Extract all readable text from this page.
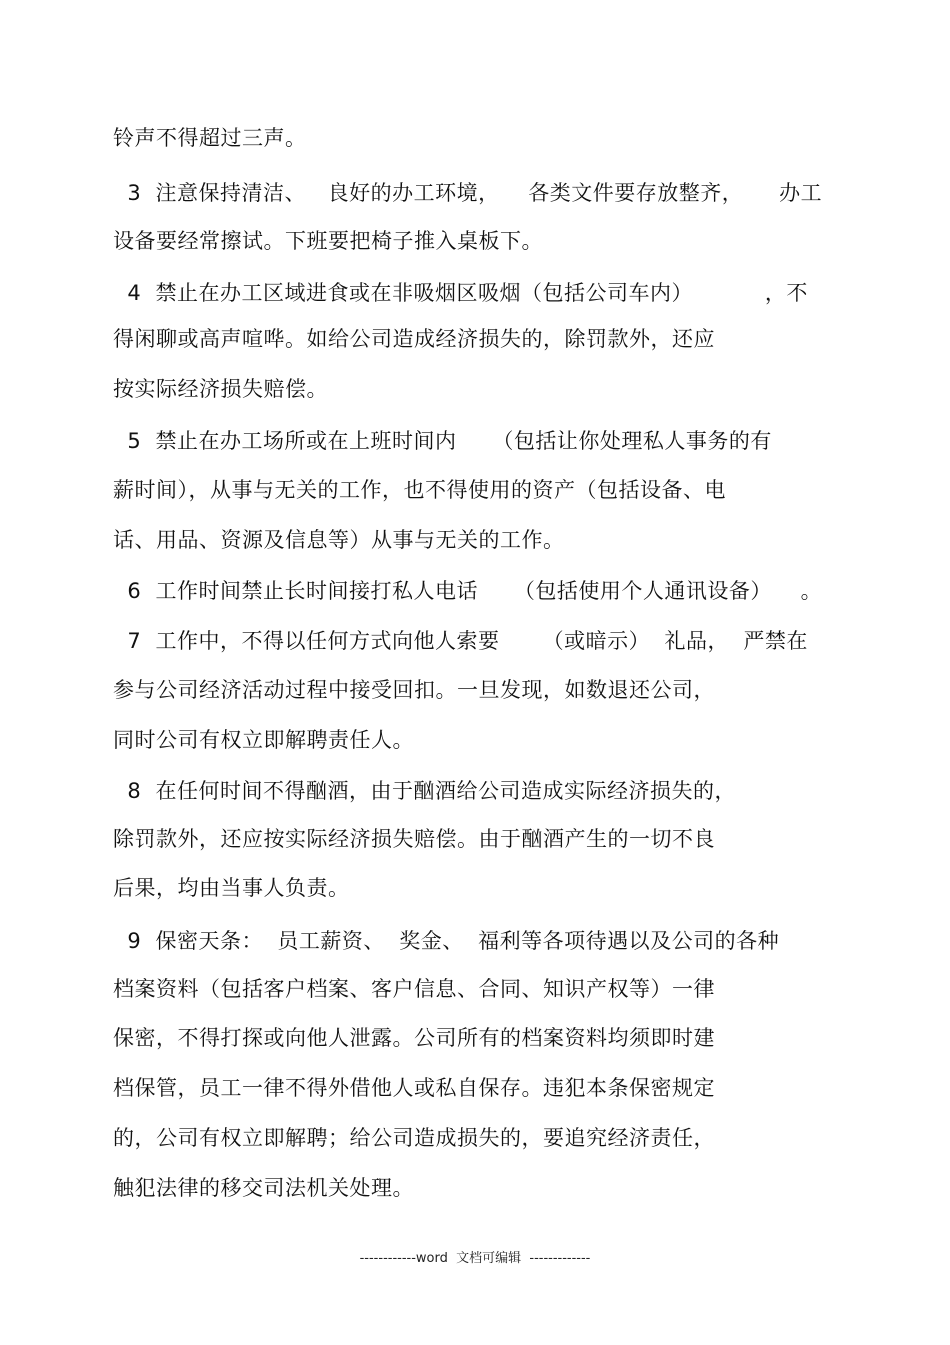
铃声不得超过三声。
3  注意保持清洁、   良好的办工环境，    各类文件要存放整齐，     办工
设备要经常擦试。下班要把椅子推入桌板下。
4  禁止在办工区域进食或在非吸烟区吸烟（包括公司车内）          ，不
得闲聊或高声喧哗。如给公司造成经济损失的，除罚款外，还应
按实际经济损失赔偿。
5  禁止在办工场所或在上班时间内     （包括让你处理私人事务的有
薪时间），从事与无关的工作，也不得使用的资产（包括设备、电
话、用品、资源及信息等）从事与无关的工作。
6  工作时间禁止长时间接打私人电话     （包括使用个人通讯设备）    。
7  工作中，不得以任何方式向他人索要      （或暗示）  礼品，  严禁在
参与公司经济活动过程中接受回扣。一旦发现，如数退还公司，
同时公司有权立即解聘责任人。
8  在任何时间不得酗酒，由于酗酒给公司造成实际经济损失的，
除罚款外，还应按实际经济损失赔偿。由于酗酒产生的一切不良
后果，均由当事人负责。
9  保密天条：  员工薪资、  奖金、  福利等各项待遇以及公司的各种
档案资料（包括客户档案、客户信息、合同、知识产权等）一律
保密，不得打探或向他人泄露。公司所有的档案资料均须即时建
档保管，员工一律不得外借他人或私自保存。违犯本条保密规定
的，公司有权立即解聘；给公司造成损失的，要追究经济责任，
触犯法律的移交司法机关处理。
------------word  文档可编辑  -------------
